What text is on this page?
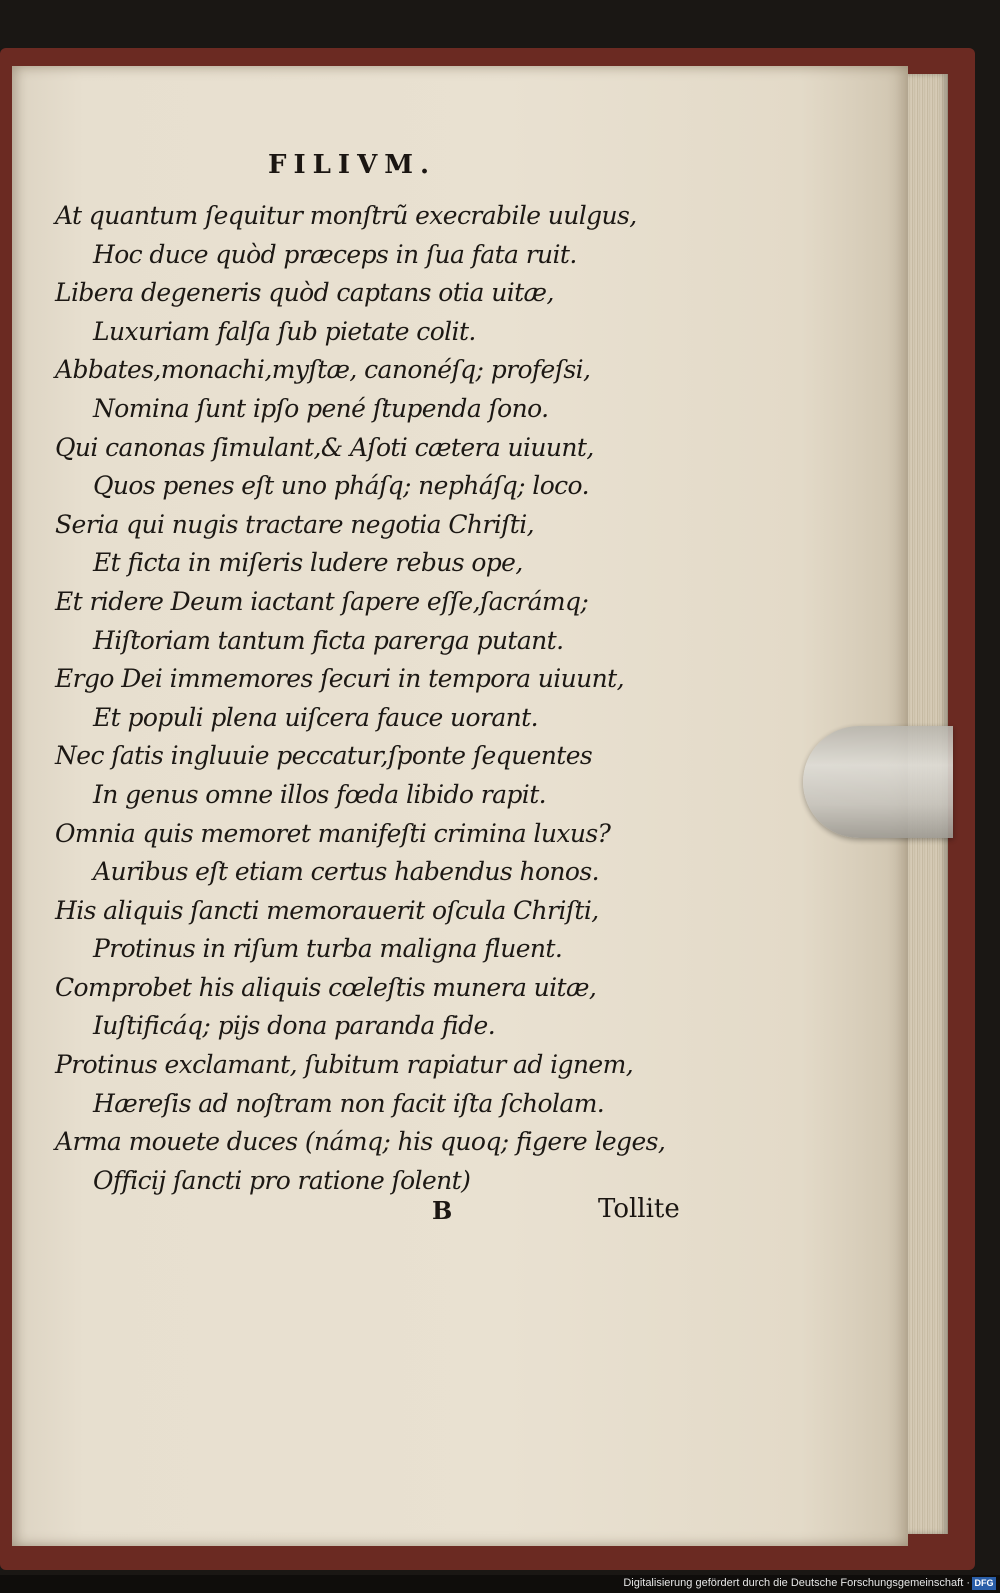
FILIVM.
At quantum ſequitur monſtrũ execrabile uulgus,
Hoc duce quòd præceps in ſua fata ruit.
Libera degeneris quòd captans otia uitæ,
Luxuriam falſa ſub pietate colit.
Abbates,monachi,myſtæ, canonéſq; profeſsi,
Nomina ſunt ipſo pené ſtupenda ſono.
Qui canonas ſimulant,& Aſoti cætera uiuunt,
Quos penes eſt uno pháſq; nepháſq; loco.
Seria qui nugis tractare negotia Chriſti,
Et ficta in miſeris ludere rebus ope,
Et ridere Deum iactant ſapere eſſe,ſacrámq;
Hiſtoriam tantum ficta parerga putant.
Ergo Dei immemores ſecuri in tempora uiuunt,
Et populi plena uiſcera fauce uorant.
Nec ſatis ingluuie peccatur,ſponte ſequentes
In genus omne illos fœda libido rapit.
Omnia quis memoret manifeſti crimina luxus?
Auribus eſt etiam certus habendus honos.
His aliquis ſancti memorauerit oſcula Chriſti,
Protinus in riſum turba maligna fluent.
Comprobet his aliquis cœleſtis munera uitæ,
Iuſtificáq; pijs dona paranda fide.
Protinus exclamant, ſubitum rapiatur ad ignem,
Hæreſis ad noſtram non facit iſta ſcholam.
Arma mouete duces (námq; his quoq; figere leges,
Officij ſancti pro ratione ſolent)
B	Tollite
Digitalisierung gefördert durch die Deutsche Forschungsgemeinschaft · DFG
